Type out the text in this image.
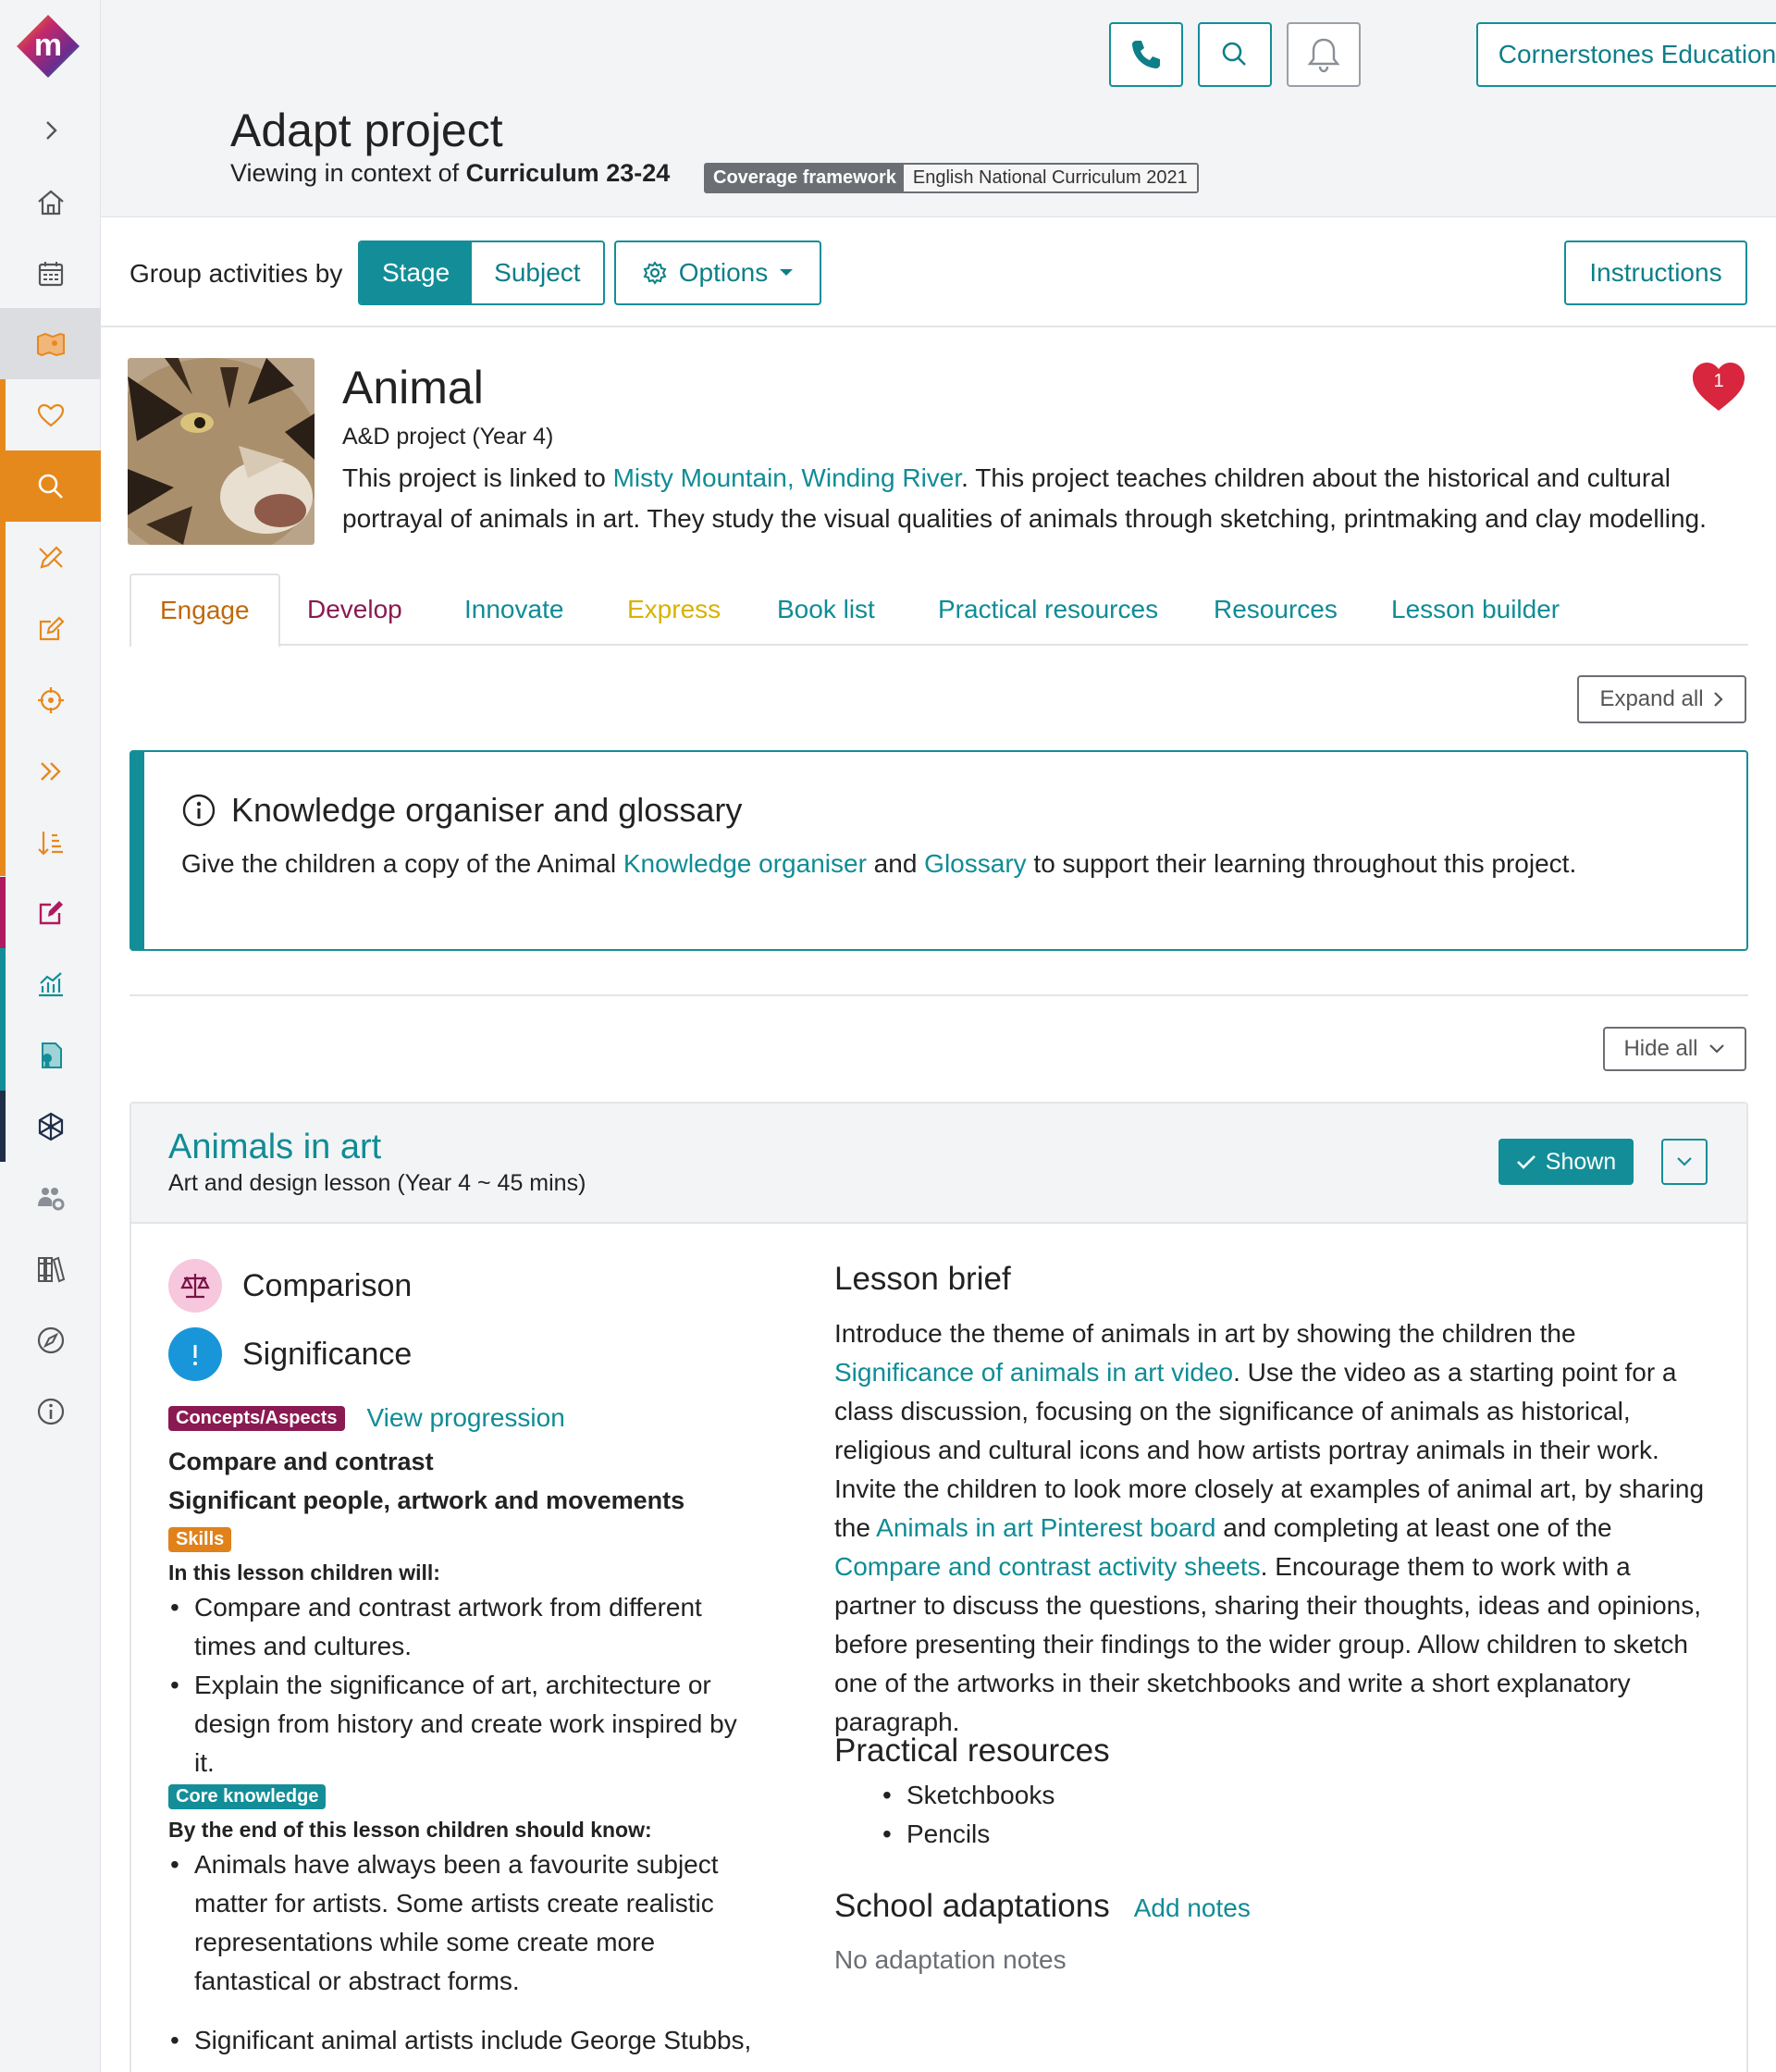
m	Cornerstones Education
Adapt project
Viewing in context of Curriculum 23-24	Coverage framework English National Curriculum 2021
Group activities by	Stage	Subject	Options	Instructions
Animal
A&D project (Year 4)
This project is linked to Misty Mountain, Winding River. This project teaches children about the historical and cultural portrayal of animals in art. They study the visual qualities of animals through sketching, printmaking and clay modelling.
1
Engage Develop Innovate Express Book list Practical resources Resources Lesson builder
Expand all
Knowledge organiser and glossary
Give the children a copy of the Animal Knowledge organiser and Glossary to support their learning throughout this project.
Hide all
Animals in art
Art and design lesson (Year 4 ~ 45 mins)
Shown
Comparison
Significance
Concepts/Aspects View progression
Compare and contrast
Significant people, artwork and movements
Skills
In this lesson children will:
• Compare and contrast artwork from different times and cultures.
• Explain the significance of art, architecture or design from history and create work inspired by it.
Core knowledge
By the end of this lesson children should know:
• Animals have always been a favourite subject matter for artists. Some artists create realistic representations while some create more fantastical or abstract forms.
• Significant animal artists include George Stubbs,
Lesson brief
Introduce the theme of animals in art by showing the children the Significance of animals in art video. Use the video as a starting point for a class discussion, focusing on the significance of animals as historical, religious and cultural icons and how artists portray animals in their work. Invite the children to look more closely at examples of animal art, by sharing the Animals in art Pinterest board and completing at least one of the Compare and contrast activity sheets. Encourage them to work with a partner to discuss the questions, sharing their thoughts, ideas and opinions, before presenting their findings to the wider group. Allow children to sketch one of the artworks in their sketchbooks and write a short explanatory paragraph.
Practical resources
• Sketchbooks
• Pencils
School adaptations Add notes
No adaptation notes
